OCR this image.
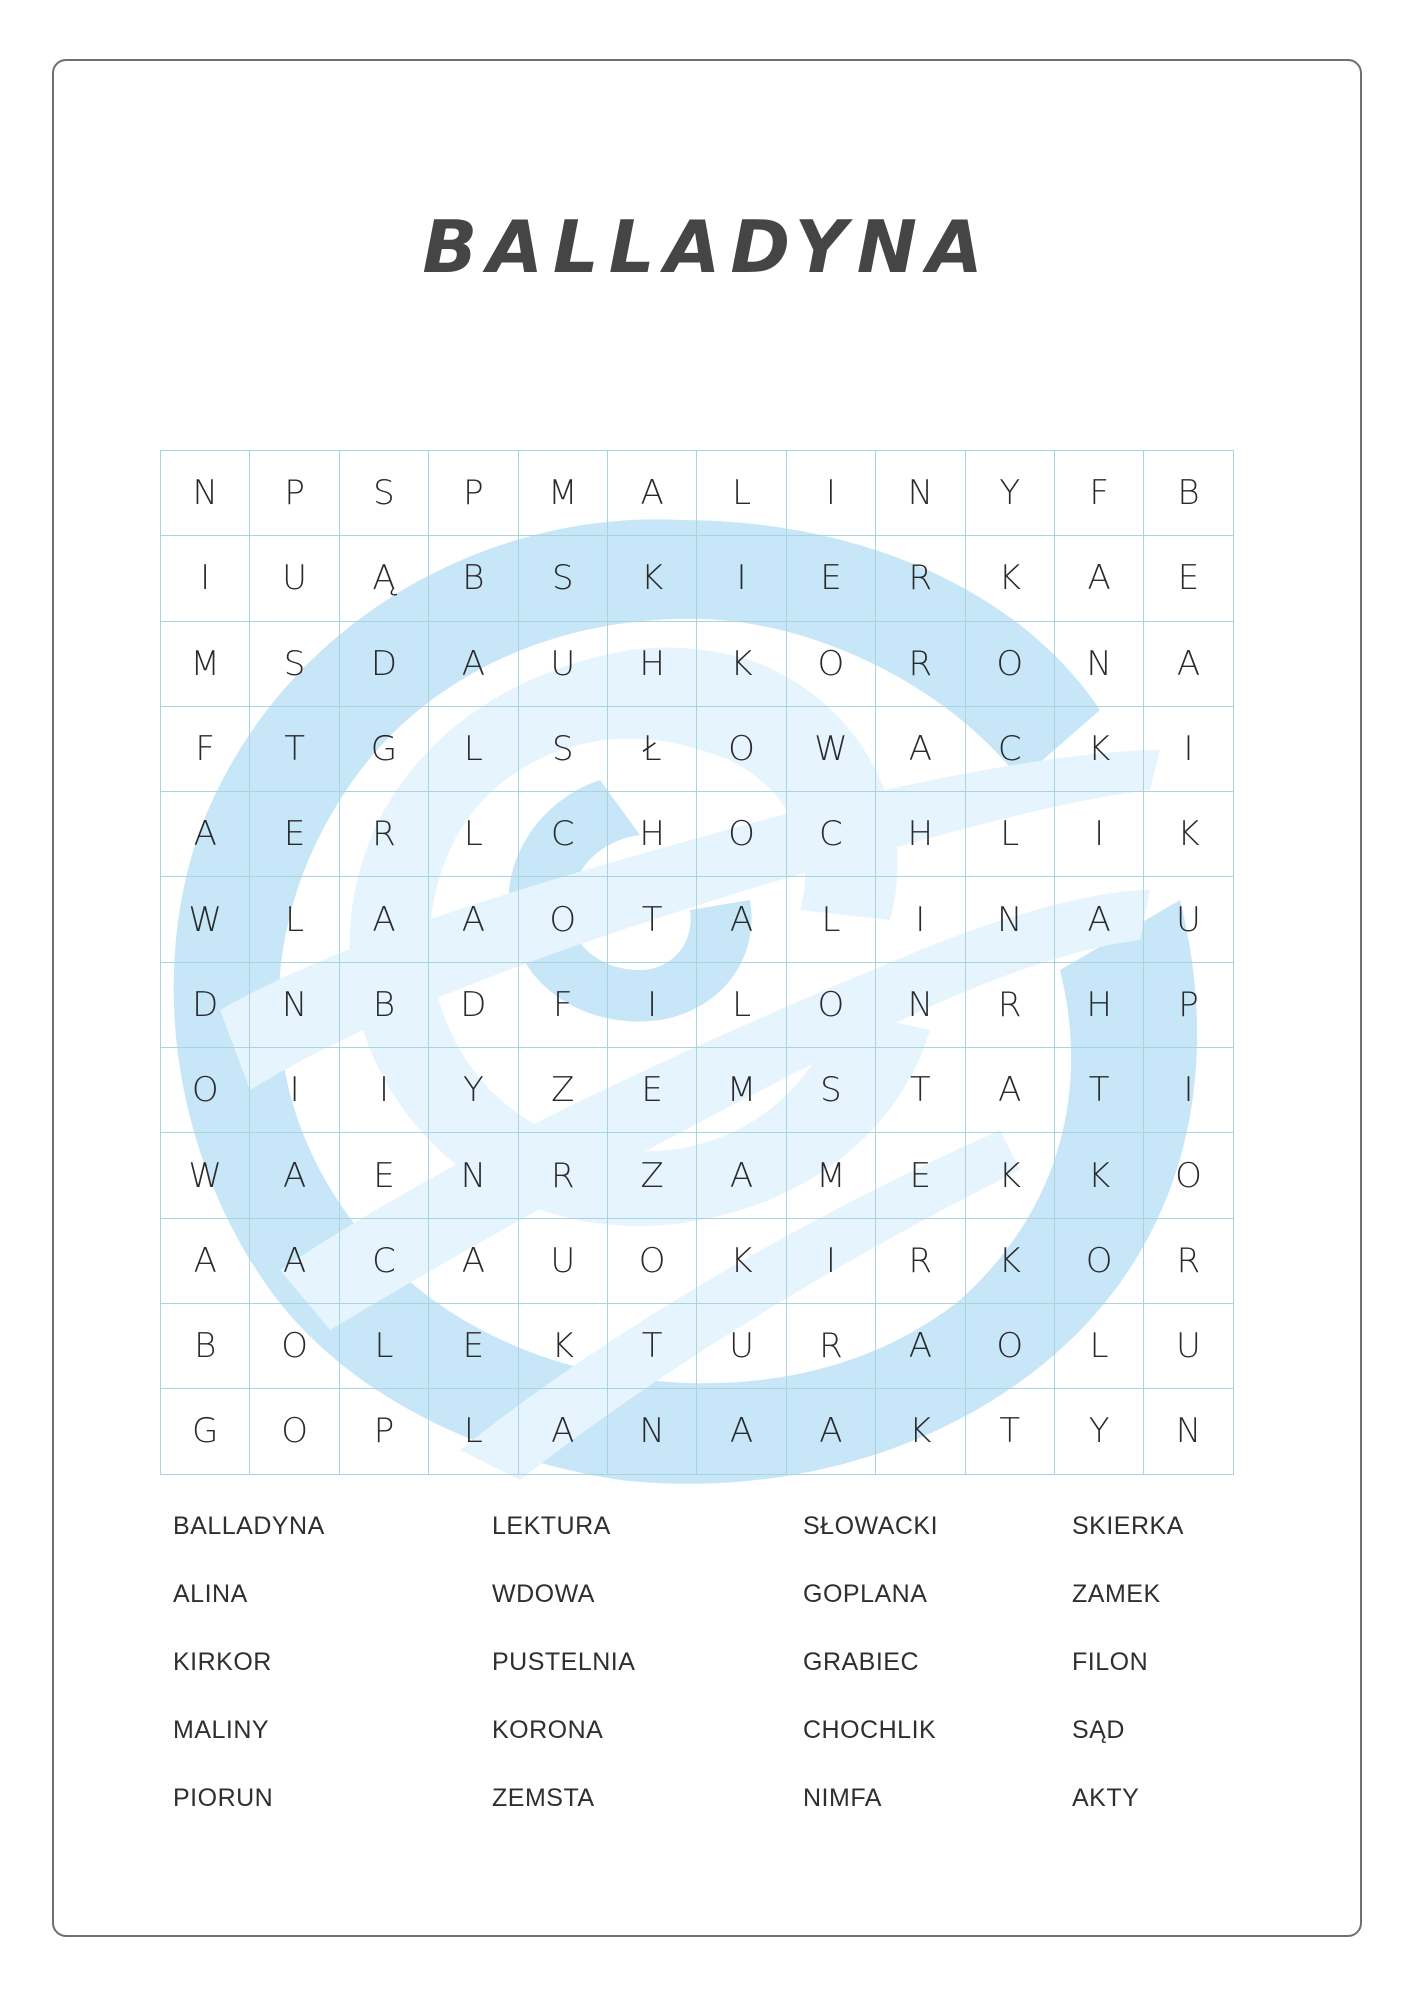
BALLADYNA
N	P	S	P	M	A	L	I	N	Y	F	B
I	U	Ą	B	S	K	I	E	R	K	A	E
M	S	D	A	U	H	K	O	R	O	N	A
F	T	G	L	S	Ł	O	W	A	C	K	I
A	E	R	L	C	H	O	C	H	L	I	K
W	L	A	A	O	T	A	L	I	N	A	U
D	N	B	D	F	I	L	O	N	R	H	P
O	I	I	Y	Z	E	M	S	T	A	T	I
W	A	E	N	R	Z	A	M	E	K	K	O
A	A	C	A	U	O	K	I	R	K	O	R
B	O	L	E	K	T	U	R	A	O	L	U
G	O	P	L	A	N	A	A	K	T	Y	N
BALLADYNA	LEKTURA	SŁOWACKI	SKIERKA
ALINA	WDOWA	GOPLANA	ZAMEK
KIRKOR	PUSTELNIA	GRABIEC	FILON
MALINY	KORONA	CHOCHLIK	SĄD
PIORUN	ZEMSTA	NIMFA	AKTY
